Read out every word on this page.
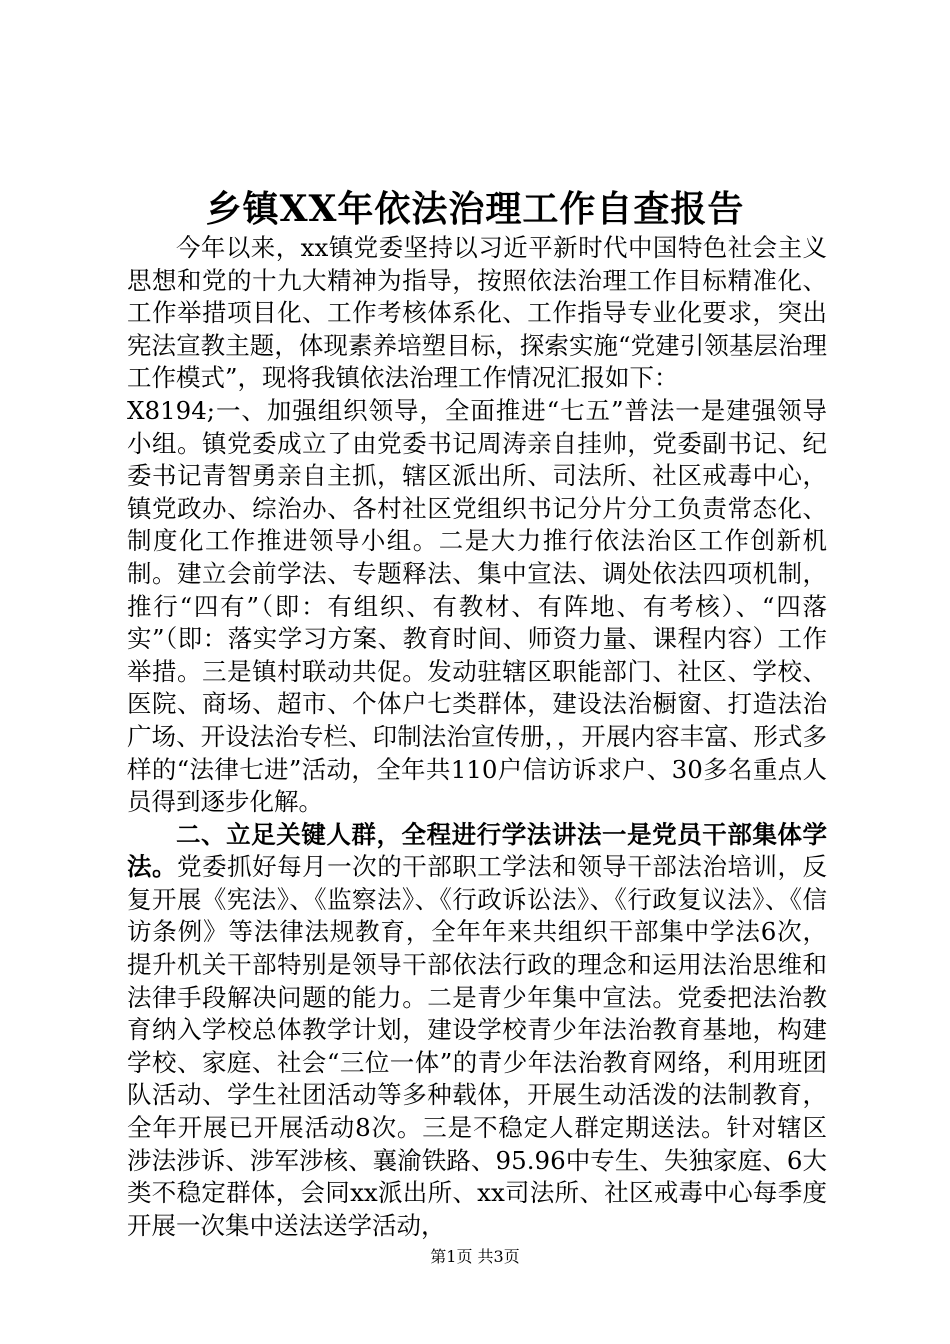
乡镇XX年依法治理工作自查报告

今年以来，xx镇党委坚持以习近平新时代中国特色社会主义思想和党的十九大精神为指导，按照依法治理工作目标精准化、工作举措项目化、工作考核体系化、工作指导专业化要求，突出宪法宣教主题，体现素养培塑目标，探索实施“党建引领基层治理工作模式”，现将我镇依法治理工作情况汇报如下：

X8194;一、加强组织领导，全面推进“七五”普法一是建强领导小组。镇党委成立了由党委书记周涛亲自挂帅，党委副书记、纪委书记青智勇亲自主抓，辖区派出所、司法所、社区戒毒中心，镇党政办、综治办、各村社区党组织书记分片分工负责常态化、制度化工作推进领导小组。二是大力推行依法治区工作创新机制。建立会前学法、专题释法、集中宣法、调处依法四项机制，推行“四有”（即：有组织、有教材、有阵地、有考核）、“四落实”（即：落实学习方案、教育时间、师资力量、课程内容）工作举措。三是镇村联动共促。发动驻辖区职能部门、社区、学校、医院、商场、超市、个体户七类群体，建设法治橱窗、打造法治广场、开设法治专栏、印制法治宣传册，，开展内容丰富、形式多样的“法律七进”活动，全年共110户信访诉求户、30多名重点人员得到逐步化解。

二、立足关键人群，全程进行学法讲法一是党员干部集体学法。党委抓好每月一次的干部职工学法和领导干部法治培训，反复开展《宪法》、《监察法》、《行政诉讼法》、《行政复议法》、《信访条例》等法律法规教育，全年年来共组织干部集中学法6次，提升机关干部特别是领导干部依法行政的理念和运用法治思维和法律手段解决问题的能力。二是青少年集中宣法。党委把法治教育纳入学校总体教学计划，建设学校青少年法治教育基地，构建学校、家庭、社会“三位一体”的青少年法治教育网络，利用班团队活动、学生社团活动等多种载体，开展生动活泼的法制教育，全年开展已开展活动8次。三是不稳定人群定期送法。针对辖区涉法涉诉、涉军涉核、襄渝铁路、95.96中专生、失独家庭、6大类不稳定群体，会同xx派出所、xx司法所、社区戒毒中心每季度开展一次集中送法送学活动，

第1页 共3页
